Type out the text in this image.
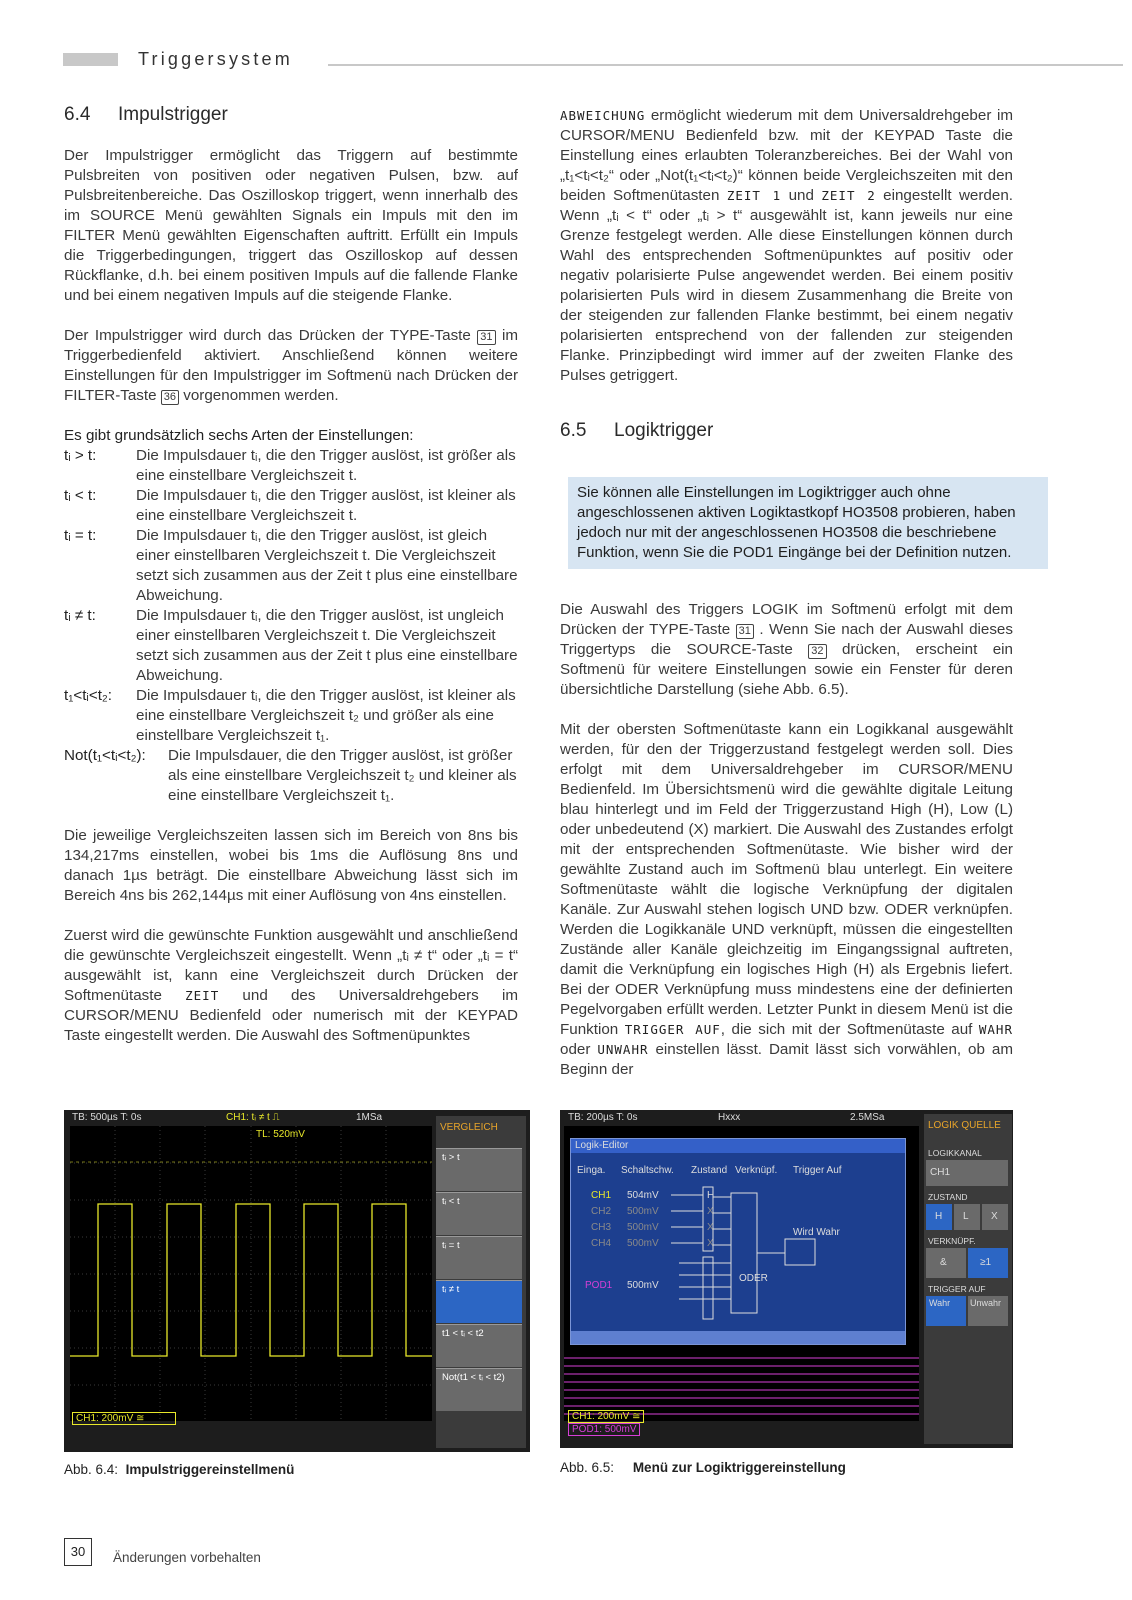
Triggersystem
6.4 Impulstrigger

Der Impulstrigger ermöglicht das Triggern auf bestimmte Pulsbreiten von positiven oder negativen Pulsen, bzw. auf Pulsbreitenbereiche. Das Oszilloskop triggert, wenn innerhalb des im SOURCE Menü gewählten Signals ein Impuls mit den im FILTER Menü gewählten Eigenschaften auftritt. Erfüllt ein Impuls die Triggerbedingungen, triggert das Oszilloskop auf dessen Rückflanke, d.h. bei einem positiven Impuls auf die fallende Flanke und bei einem negativen Impuls auf die steigende Flanke.

Der Impulstrigger wird durch das Drücken der TYPE-Taste 31 im Triggerbedienfeld aktiviert. Anschließend können weitere Einstellungen für den Impulstrigger im Softmenü nach Drücken der FILTER-Taste 36 vorgenommen werden.

Es gibt grundsätzlich sechs Arten der Einstellungen:
tᵢ > t:	Die Impulsdauer tᵢ, die den Trigger auslöst, ist größer als eine einstellbare Vergleichszeit t.
tᵢ < t:	Die Impulsdauer tᵢ, die den Trigger auslöst, ist kleiner als eine einstellbare Vergleichszeit t.
tᵢ = t:	Die Impulsdauer tᵢ, die den Trigger auslöst, ist gleich einer einstellbaren Vergleichszeit t. Die Vergleichszeit setzt sich zusammen aus der Zeit t plus eine einstellbare Abweichung.
tᵢ ≠ t:	Die Impulsdauer tᵢ, die den Trigger auslöst, ist ungleich einer einstellbaren Vergleichszeit t. Die Vergleichszeit setzt sich zusammen aus der Zeit t plus eine einstellbare Abweichung.
t₁<tᵢ<t₂:	Die Impulsdauer tᵢ, die den Trigger auslöst, ist kleiner als eine einstellbare Vergleichszeit t₂ und größer als eine einstellbare Vergleichszeit t₁.
Not(t₁<tᵢ<t₂):	Die Impulsdauer, die den Trigger auslöst, ist größer als eine einstellbare Vergleichszeit t₂ und kleiner als eine einstellbare Vergleichszeit t₁.

Die jeweilige Vergleichszeiten lassen sich im Bereich von 8ns bis 134,217ms einstellen, wobei bis 1ms die Auflösung 8ns und danach 1µs beträgt. Die einstellbare Abweichung lässt sich im Bereich 4ns bis 262,144µs mit einer Auflösung von 4ns einstellen.

Zuerst wird die gewünschte Funktion ausgewählt und anschließend die gewünschte Vergleichszeit eingestellt. Wenn „tᵢ ≠ t“ oder „tᵢ = t“ ausgewählt ist, kann eine Vergleichszeit durch Drücken der Softmenütaste ZEIT und des Universaldrehgebers im CURSOR/MENU Bedienfeld oder numerisch mit der KEYPAD Taste eingestellt werden. Die Auswahl des Softmenüpunktes

ABWEICHUNG ermöglicht wiederum mit dem Universaldrehgeber im CURSOR/MENU Bedienfeld bzw. mit der KEYPAD Taste die Einstellung eines erlaubten Toleranzbereiches. Bei der Wahl von „t₁<tᵢ<t₂“ oder „Not(t₁<tᵢ<t₂)“ können beide Vergleichszeiten mit den beiden Softmenütasten ZEIT 1 und ZEIT 2 eingestellt werden. Wenn „tᵢ < t“ oder „tᵢ > t“ ausgewählt ist, kann jeweils nur eine Grenze festgelegt werden. Alle diese Einstellungen können durch Wahl des entsprechenden Softmenüpunktes auf positiv oder negativ polarisierte Pulse angewendet werden. Bei einem positiv polarisierten Puls wird in diesem Zusammenhang die Breite von der steigenden zur fallenden Flanke bestimmt, bei einem negativ polarisierten entsprechend von der fallenden zur steigenden Flanke. Prinzipbedingt wird immer auf der zweiten Flanke des Pulses getriggert.

6.5 Logiktrigger
Sie können alle Einstellungen im Logiktrigger auch ohne angeschlossenen aktiven Logiktastkopf HO3508 probieren, haben jedoch nur mit der angeschlossenen HO3508 die beschriebene Funktion, wenn Sie die POD1 Eingänge bei der Definition nutzen.

Die Auswahl des Triggers LOGIK im Softmenü erfolgt mit dem Drücken der TYPE-Taste 31 . Wenn Sie nach der Auswahl dieses Triggertyps die SOURCE-Taste 32 drücken, erscheint ein Softmenü für weitere Einstellungen sowie ein Fenster für deren übersichtliche Darstellung (siehe Abb. 6.5).

Mit der obersten Softmenütaste kann ein Logikkanal ausgewählt werden, für den der Triggerzustand festgelegt werden soll. Dies erfolgt mit dem Universaldrehgeber im CURSOR/MENU Bedienfeld. Im Übersichtsmenü wird die gewählte digitale Leitung blau hinterlegt und im Feld der Triggerzustand High (H), Low (L) oder unbedeutend (X) markiert. Die Auswahl des Zustandes erfolgt mit der entsprechenden Softmenütaste. Wie bisher wird der gewählte Zustand auch im Softmenü blau unterlegt. Ein weitere Softmenütaste wählt die logische Verknüpfung der digitalen Kanäle. Zur Auswahl stehen logisch UND bzw. ODER verknüpfen. Werden die Logikkanäle UND verknüpft, müssen die eingestellten Zustände aller Kanäle gleichzeitig im Eingangssignal auftreten, damit die Verknüpfung ein logisches High (H) als Ergebnis liefert. Bei der ODER Verknüpfung muss mindestens eine der definierten Pegelvorgaben erfüllt werden. Letzter Punkt in diesem Menü ist die Funktion TRIGGER AUF, die sich mit der Softmenütaste auf WAHR oder UNWAHR einstellen lässt. Damit lässt sich vorwählen, ob am Beginn der

TB: 500µs T: 0s	CH1: tᵢ ≠ t ⎍	1MSa
TL: 520mV
CH1: 200mV ≅
VERGLEICH
tᵢ > t
tᵢ < t
tᵢ = t
tᵢ ≠ t
t1 < tᵢ < t2
Not(t1 < tᵢ < t2)
Abb. 6.4: Impulstriggereinstellmenü
TB: 200µs T: 0s	Hxxx	2.5MSa
Logik-Editor
Einga. Schaltschw. Zustand Verknüpf. Trigger Auf
CH1 504mV
CH2 500mV
CH3 500mV
CH4 500mV
H
X
X
X
POD1 500mV
ODER
Wird Wahr
CH1: 200mV ≅
POD1: 500mV
LOGIK QUELLE
LOGIKKANAL
CH1
ZUSTAND
H L X
VERKNÜPF.
&	≥1
TRIGGER AUF
Wahr Unwahr
Abb. 6.5: Menü zur Logiktriggereinstellung
30	Änderungen vorbehalten
